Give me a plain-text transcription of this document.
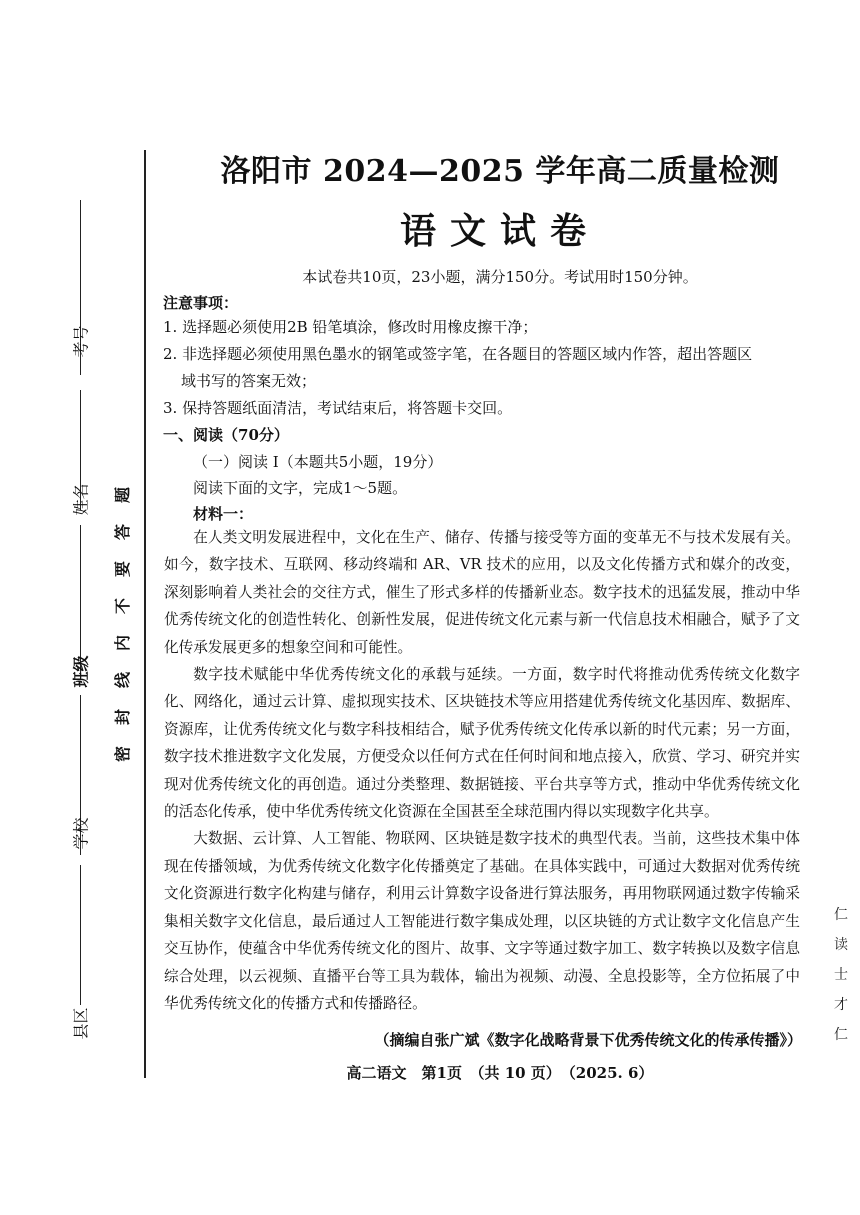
考号
姓名
班级
学校
县区
题
答
要
不
内
线
封
密
洛阳市 2024—2025 学年高二质量检测
语文试卷
本试卷共10页，23小题，满分150分。考试用时150分钟。
注意事项：
1. 选择题必须使用2B 铅笔填涂，修改时用橡皮擦干净；
2. 非选择题必须使用黑色墨水的钢笔或签字笔，在各题目的答题区域内作答，超出答题区
域书写的答案无效；
3. 保持答题纸面清洁，考试结束后，将答题卡交回。
一、阅读（70分）
（一）阅读 I（本题共5小题，19分）
阅读下面的文字，完成1～5题。
材料一：

在人类文明发展进程中，文化在生产、储存、传播与接受等方面的变革无不与技术发展有关。如今，数字技术、互联网、移动终端和 AR、VR 技术的应用，以及文化传播方式和媒介的改变，深刻影响着人类社会的交往方式，催生了形式多样的传播新业态。数字技术的迅猛发展，推动中华优秀传统文化的创造性转化、创新性发展，促进传统文化元素与新一代信息技术相融合，赋予了文化传承发展更多的想象空间和可能性。

数字技术赋能中华优秀传统文化的承载与延续。一方面，数字时代将推动优秀传统文化数字化、网络化，通过云计算、虚拟现实技术、区块链技术等应用搭建优秀传统文化基因库、数据库、资源库，让优秀传统文化与数字科技相结合，赋予优秀传统文化传承以新的时代元素；另一方面，数字技术推进数字文化发展，方便受众以任何方式在任何时间和地点接入，欣赏、学习、研究并实现对优秀传统文化的再创造。通过分类整理、数据链接、平台共享等方式，推动中华优秀传统文化的活态化传承，使中华优秀传统文化资源在全国甚至全球范围内得以实现数字化共享。

大数据、云计算、人工智能、物联网、区块链是数字技术的典型代表。当前，这些技术集中体现在传播领域，为优秀传统文化数字化传播奠定了基础。在具体实践中，可通过大数据对优秀传统文化资源进行数字化构建与储存，利用云计算数字设备进行算法服务，再用物联网通过数字传输采集相关数字文化信息，最后通过人工智能进行数字集成处理，以区块链的方式让数字文化信息产生交互协作，使蕴含中华优秀传统文化的图片、故事、文字等通过数字加工、数字转换以及数字信息综合处理，以云视频、直播平台等工具为载体，输出为视频、动漫、全息投影等，全方位拓展了中华优秀传统文化的传播方式和传播路径。

（摘编自张广斌《数字化战略背景下优秀传统文化的传承传播》）
高二语文　第1页　（共 10 页）　（2025. 6）
仁
读
士
才
仁
